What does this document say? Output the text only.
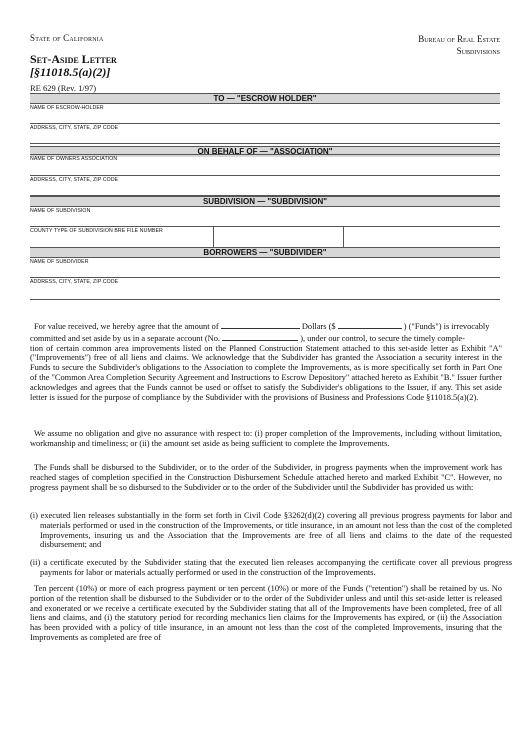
State of California	Bureau of Real Estate
Subdivisions
Set-Aside Letter
[§11018.5(a)(2)]
RE 629 (Rev. 1/97)
TO — "ESCROW HOLDER"
NAME OF ESCROW-HOLDER
ADDRESS, CITY, STATE, ZIP CODE
ON BEHALF OF — "ASSOCIATION"
NAME OF OWNERS ASSOCIATION
ADDRESS, CITY, STATE, ZIP CODE
SUBDIVISION — "SUBDIVISION"
NAME OF SUBDIVISION
COUNTY TYPE OF SUBDIVISION BRE FILE NUMBER
BORROWERS — "SUBDIVIDER"
NAME OF SUBDIVIDER
ADDRESS, CITY, STATE, ZIP CODE
For value received, we hereby agree that the amount of	Dollars ($	) ("Funds") is irrevocably
committed and set aside by us in a separate account (No.	), under our control, to secure the timely comple-
tion of certain common area improvements listed on the Planned Construction Statement attached to this set-aside letter as Exhibit "A" ("Improvements") free of all liens and claims. We acknowledge that the Subdivider has granted the Association a security interest in the Funds to secure the Subdivider's obligations to the Association to complete the Improvements, as is more specifically set forth in Part One of the "Common Area Completion Security Agreement and Instructions to Escrow Depository" attached hereto as Exhibit "B." Issuer further acknowledges and agrees that the Funds cannot be used or offset to satisfy the Subdivider's obligations to the Issuer, if any. This set aside letter is issued for the purpose of compliance by the Subdivider with the provisions of Business and Professions Code §11018.5(a)(2).
We assume no obligation and give no assurance with respect to: (i) proper completion of the Improvements, including without limitation, workmanship and timeliness; or (ii) the amount set aside as being sufficient to complete the Improvements.
The Funds shall be disbursed to the Subdivider, or to the order of the Subdivider, in progress payments when the improvement work has reached stages of completion specified in the Construction Disbursement Schedule attached hereto and marked Exhibit "C". However, no progress payment shall be so disbursed to the Subdivider or to the order of the Subdivider until the Subdivider has provided us with:
(i) executed lien releases substantially in the form set forth in Civil Code §3262(d)(2) covering all previous progress payments for labor and materials performed or used in the construction of the Improvements, or title insurance, in an amount not less than the cost of the completed Improvements, insuring us and the Association that the Improvements are free of all liens and claims to the date of the requested disbursement; and
(ii) a certificate executed by the Subdivider stating that the executed lien releases accompanying the certificate cover all previous progress payments for labor or materials actually performed or used in the construction of the Improvements.
Ten percent (10%) or more of each progress payment or ten percent (10%) or more of the Funds ("retention") shall be retained by us. No portion of the retention shall be disbursed to the Subdivider or to the order of the Subdivider unless and until this set-aside letter is released and exonerated or we receive a certificate executed by the Subdivider stating that all of the Improvements have been completed, free of all liens and claims, and (i) the statutory period for recording mechanics lien claims for the Improvements has expired, or (ii) the Association has been provided with a policy of title insurance, in an amount not less than the cost of the completed Improvements, insuring that the Improvements as completed are free of
